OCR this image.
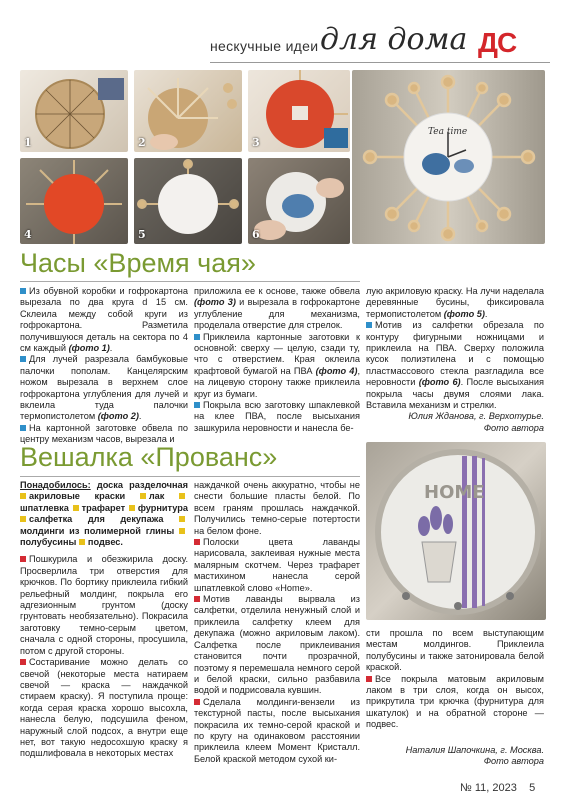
нескучные идеи для дома ДС
1	2	3
4	5	6
Tea time
Часы «Время чая»

Из обувной коробки и гофрокартона вырезала по два круга d 15 см. Склеила между собой круги из гофрокартона. Разметила получившуюся деталь на сектора по 4 см каждый (фото 1).

Для лучей разрезала бамбуковые палочки пополам. Канцелярским ножом вырезала в верхнем слое гофрокартона углубления для лучей и вклеила туда палочки термопистолетом (фото 2).

На картонной заготовке обвела по центру механизм часов, вырезала и

приложила ее к основе, также обвела (фото 3) и вырезала в гофрокартоне углубление для механизма, проделала отверстие для стрелок.

Приклеила картонные заготовки к основной: сверху — целую, сзади ту, что с отверстием. Края оклеила крафтовой бумагой на ПВА (фото 4), на лицевую сторону также приклеила круг из бумаги.

Покрыла всю заготовку шпаклевкой на клее ПВА, после высыхания зашкурила неровности и нанесла бе-

лую акриловую краску. На лучи наделала деревянные бусины, фиксировала термопистолетом (фото 5).

Мотив из салфетки обрезала по контуру фигурными ножницами и приклеила на ПВА. Сверху положила кусок полиэтилена и с помощью пластмассового стекла разгладила все неровности (фото 6). После высыхания покрыла часы двумя слоями лака. Вставила механизм и стрелки.

Юлия Жданова, г. Верхотурье.

Фото автора

Вешалка «Прованс»
HOME

Понадобилось: доска разделочная акриловые краски	лак шпатлевка трафарет фурнитура салфетка для декупажа молдинги из полимерной глины полубусины подвес.

Пошкурила и обезжирила доску. Просверлила три отверстия для крючков. По бортику приклеила гибкий рельефный молдинг, покрыла его адгезионным грунтом (доску грунтовать необязательно). Покрасила заготовку темно-серым цветом, сначала с одной стороны, просушила, потом с другой стороны.

Состаривание можно делать со свечой (некоторые места натираем свечой — краска — наждачкой стираем краску). Я поступила проще: когда серая краска хорошо высохла, нанесла белую, подсушила феном, наружный слой подсох, а внутри еще нет, вот такую недосохшую краску я подшлифовала в некоторых местах

наждачкой очень аккуратно, чтобы не снести большие пласты белой. По всем граням прошлась наждачкой. Получились темно-серые потертости на белом фоне.

Полоски цвета лаванды нарисовала, заклеивая нужные места малярным скотчем. Через трафарет мастихином нанесла серой шпатлевкой слово «Home».

Мотив лаванды вырвала из салфетки, отделила ненужный слой и приклеила салфетку клеем для декупажа (можно акриловым лаком). Салфетка после приклеивания становится почти прозрачной, поэтому я перемешала немного серой и белой краски, сильно разбавила водой и подрисовала кувшин.

Сделала молдинги-вензели из текстурной пасты, после высыхания покрасила их темно-серой краской и по кругу на одинаковом расстоянии приклеила клеем Момент Кристалл. Белой краской методом сухой ки-

сти прошла по всем выступающим местам молдингов. Приклеила полубусины и также затонировала белой краской.

Все покрыла матовым акриловым лаком в три слоя, когда он высох, прикрутила три крючка (фурнитура для шкатулок) и на обратной стороне — подвес.

Наталия Шапочкина, г. Москва.

Фото автора

№ 11, 2023 5
